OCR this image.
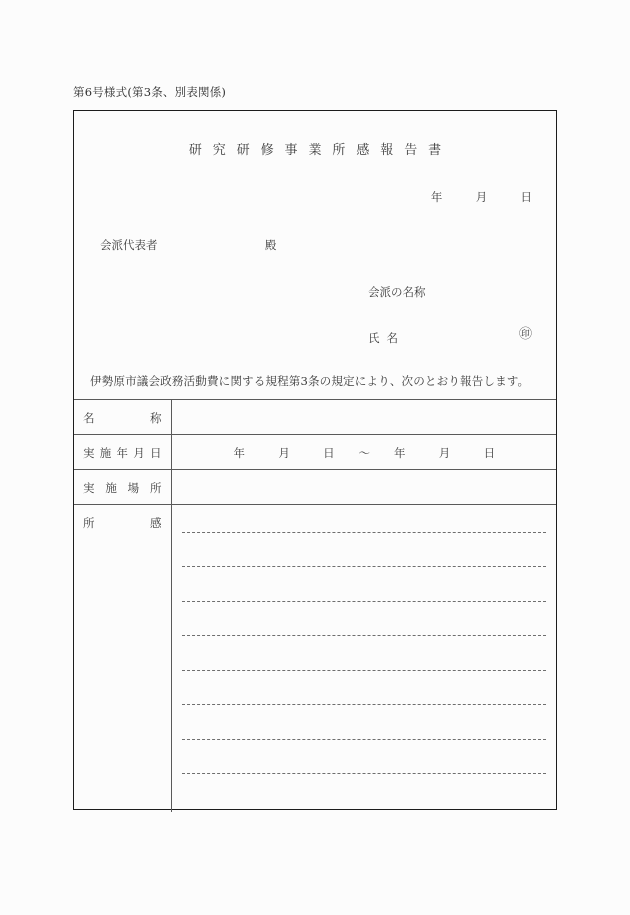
第6号様式(第3条、別表関係)
研 究 研 修 事 業 所 感 報 告 書
年	月	日
会派代表者	殿
会派の名称
氏 名	㊞
伊勢原市議会政務活動費に関する規程第3条の規定により、次のとおり報告します。
名 称	

実 施 年 月 日	年 月 日 〜 年 月 日

実 施 場 所	

所 感	
